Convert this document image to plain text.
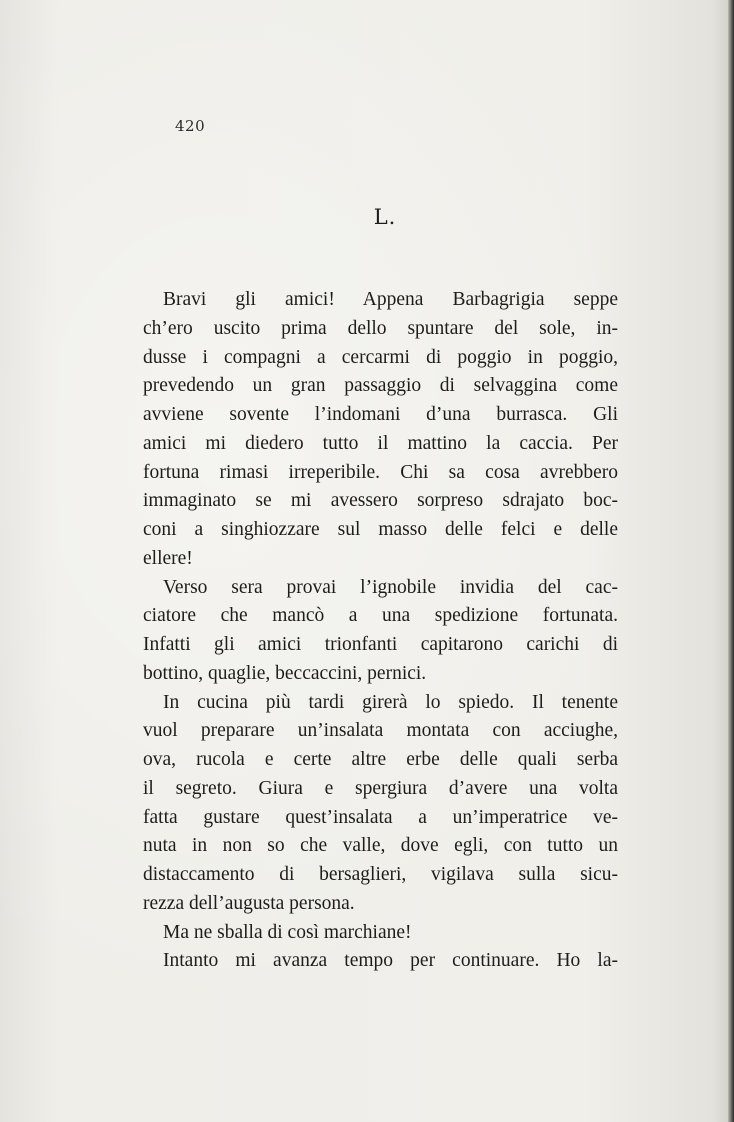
420
L.
Bravi gli amici! Appena Barbagrigia seppe
ch’ero uscito prima dello spuntare del sole, in-
dusse i compagni a cercarmi di poggio in poggio,
prevedendo un gran passaggio di selvaggina come
avviene sovente l’indomani d’una burrasca. Gli
amici mi diedero tutto il mattino la caccia. Per
fortuna rimasi irreperibile. Chi sa cosa avrebbero
immaginato se mi avessero sorpreso sdrajato boc-
coni a singhiozzare sul masso delle felci e delle
ellere!
Verso sera provai l’ignobile invidia del cac-
ciatore che mancò a una spedizione fortunata.
Infatti gli amici trionfanti capitarono carichi di
bottino, quaglie, beccaccini, pernici.
In cucina più tardi girerà lo spiedo. Il tenente
vuol preparare un’insalata montata con acciughe,
ova, rucola e certe altre erbe delle quali serba
il segreto. Giura e spergiura d’avere una volta
fatta gustare quest’insalata a un’imperatrice ve-
nuta in non so che valle, dove egli, con tutto un
distaccamento di bersaglieri, vigilava sulla sicu-
rezza dell’augusta persona.
Ma ne sballa di così marchiane!
Intanto mi avanza tempo per continuare. Ho la-
